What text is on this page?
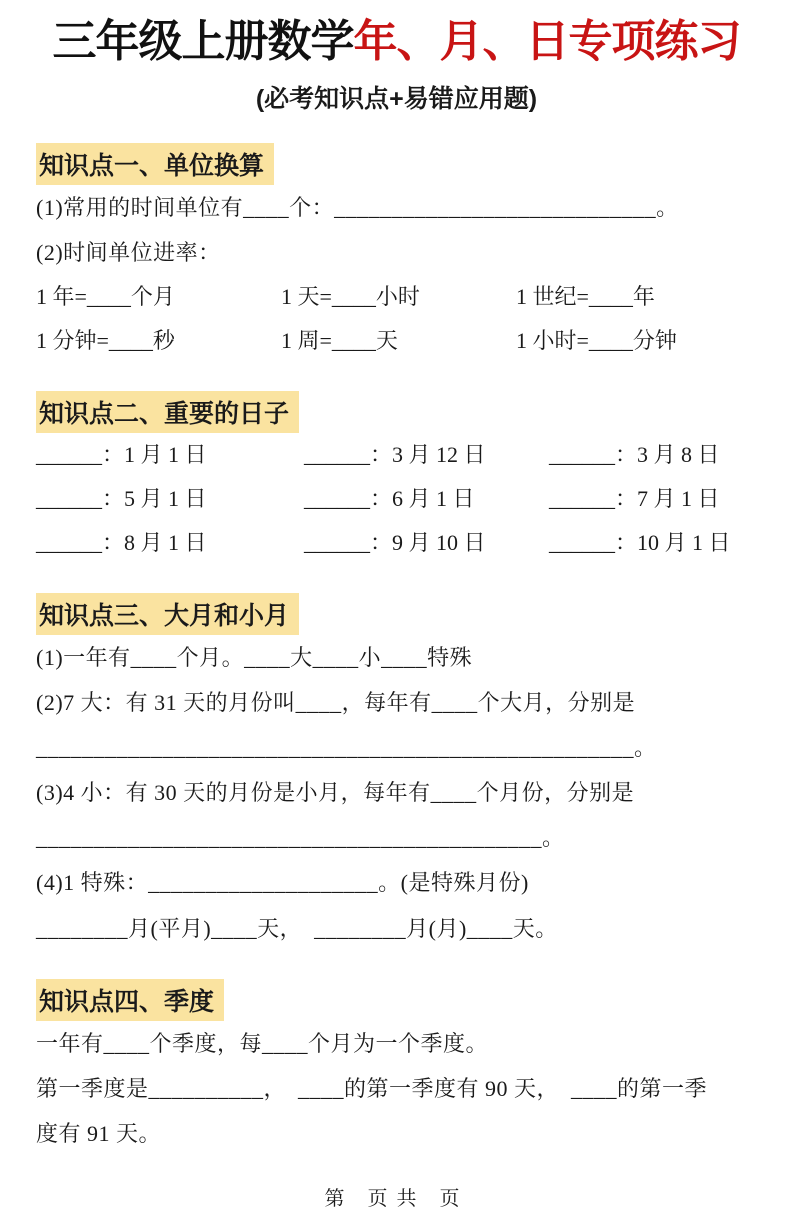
三年级上册数学年、月、日专项练习
(必考知识点+易错应用题)
知识点一、单位换算
(1)常用的时间单位有____个：____________________________。
(2)时间单位进率：
1 年=____个月	1 天=____小时	1 世纪=____年
1 分钟=____秒	1 周=____天	1 小时=____分钟
知识点二、重要的日子
______：1 月 1 日	______：3 月 12 日	______：3 月 8 日
______：5 月 1 日	______：6 月 1 日	______：7 月 1 日
______：8 月 1 日	______：9 月 10 日	______：10 月 1 日
知识点三、大月和小月
(1)一年有____个月。____大____小____特殊
(2)7 大：有 31 天的月份叫____，每年有____个大月，分别是
____________________________________________________。
(3)4 小：有 30 天的月份是小月，每年有____个月份，分别是
____________________________________________。
(4)1 特殊：____________________。(是特殊月份)
________月(平月)____天，  ________月(月)____天。
知识点四、季度
一年有____个季度，每____个月为一个季度。
第一季度是__________，  ____的第一季度有 90 天，  ____的第一季
度有 91 天。
第 页共 页
